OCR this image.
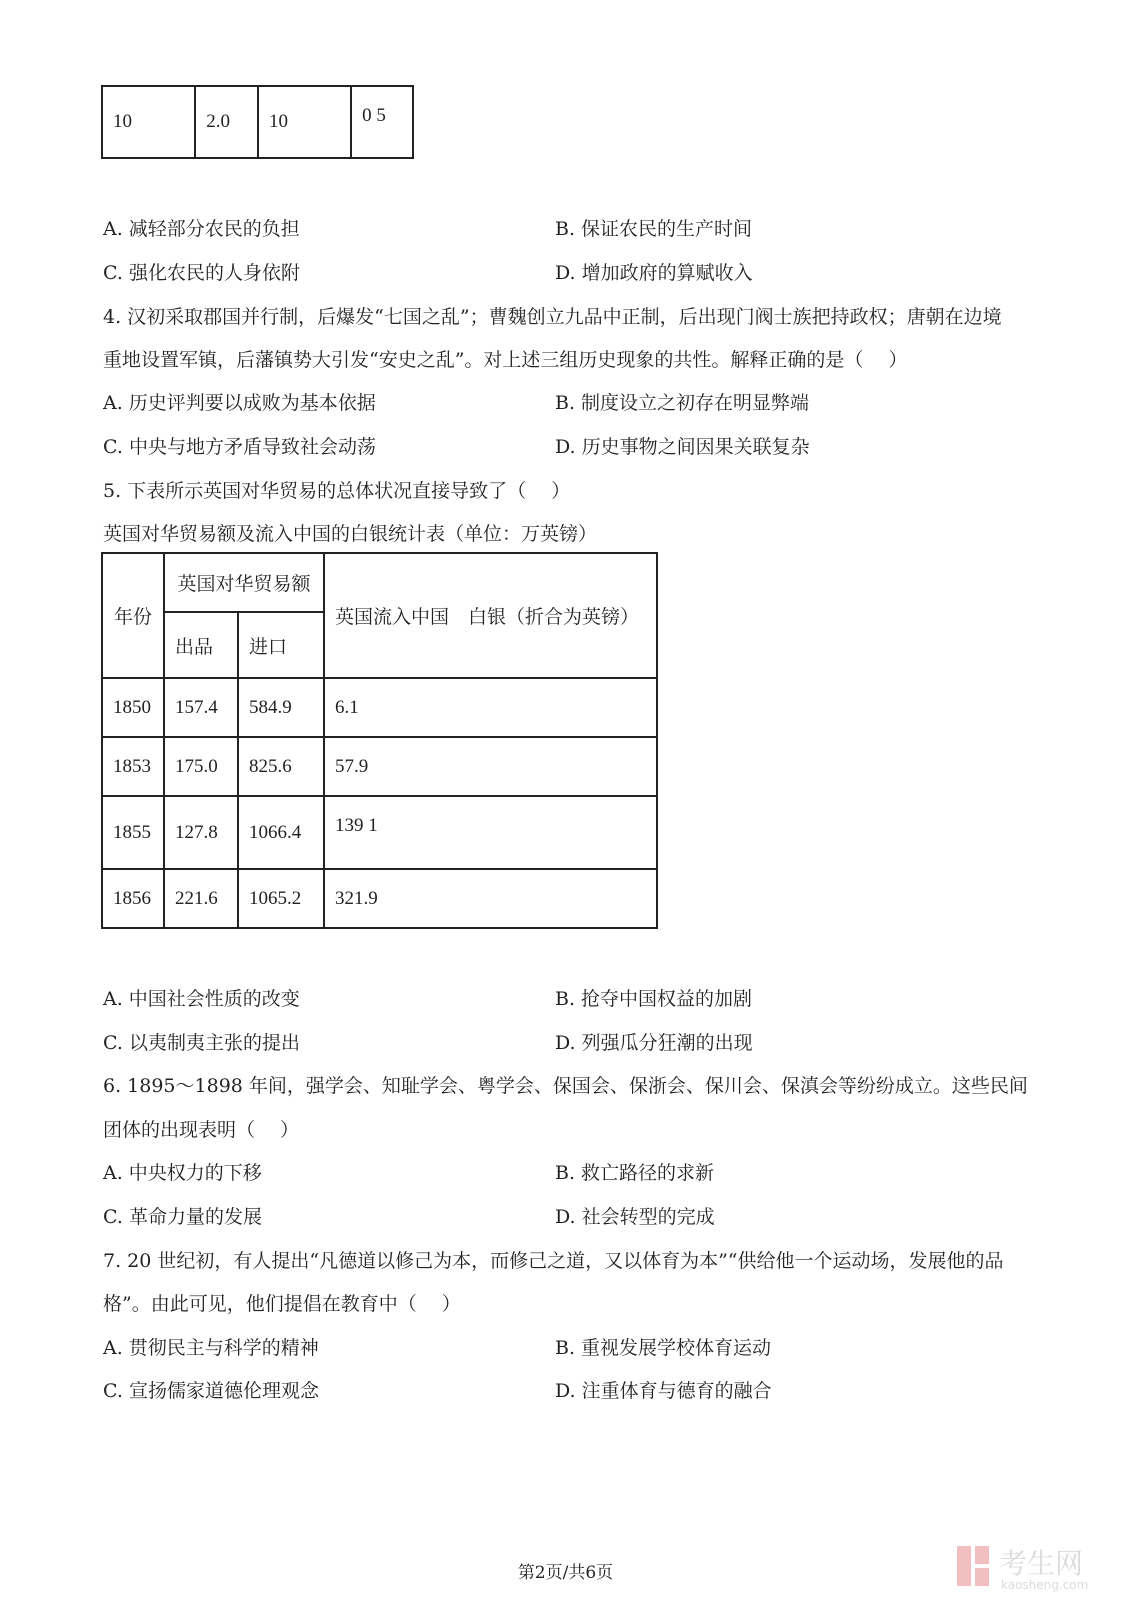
10	2.0	10	0 5
A. 减轻部分农民的负担	B. 保证农民的生产时间
C. 强化农民的人身依附	D. 增加政府的算赋收入
4. 汉初采取郡国并行制，后爆发“七国之乱”；曹魏创立九品中正制，后出现门阀士族把持政权；唐朝在边境
重地设置军镇，后藩镇势大引发“安史之乱”。对上述三组历史现象的共性。解释正确的是（　 ）
A. 历史评判要以成败为基本依据	B. 制度设立之初存在明显弊端
C. 中央与地方矛盾导致社会动荡	D. 历史事物之间因果关联复杂
5. 下表所示英国对华贸易的总体状况直接导致了（　 ）
英国对华贸易额及流入中国的白银统计表（单位：万英镑）
年份	英国对华贸易额		英国流入中国　白银（折合为英镑）

	出品	进口	

1850	157.4	584.9	6.1

1853	175.0	825.6	57.9

1855	127.8	1066.4	139 1

1856	221.6	1065.2	321.9
A. 中国社会性质的改变	B. 抢夺中国权益的加剧
C. 以夷制夷主张的提出	D. 列强瓜分狂潮的出现
6. 1895～1898 年间，强学会、知耻学会、粤学会、保国会、保浙会、保川会、保滇会等纷纷成立。这些民间
团体的出现表明（　 ）
A. 中央权力的下移	B. 救亡路径的求新
C. 革命力量的发展	D. 社会转型的完成
7. 20 世纪初，有人提出“凡德道以修己为本，而修己之道，又以体育为本”“供给他一个运动场，发展他的品
格”。由此可见，他们提倡在教育中（　 ）
A. 贯彻民主与科学的精神	B. 重视发展学校体育运动
C. 宣扬儒家道德伦理观念	D. 注重体育与德育的融合
第2页/共6页	考生网
kaosheng.com
